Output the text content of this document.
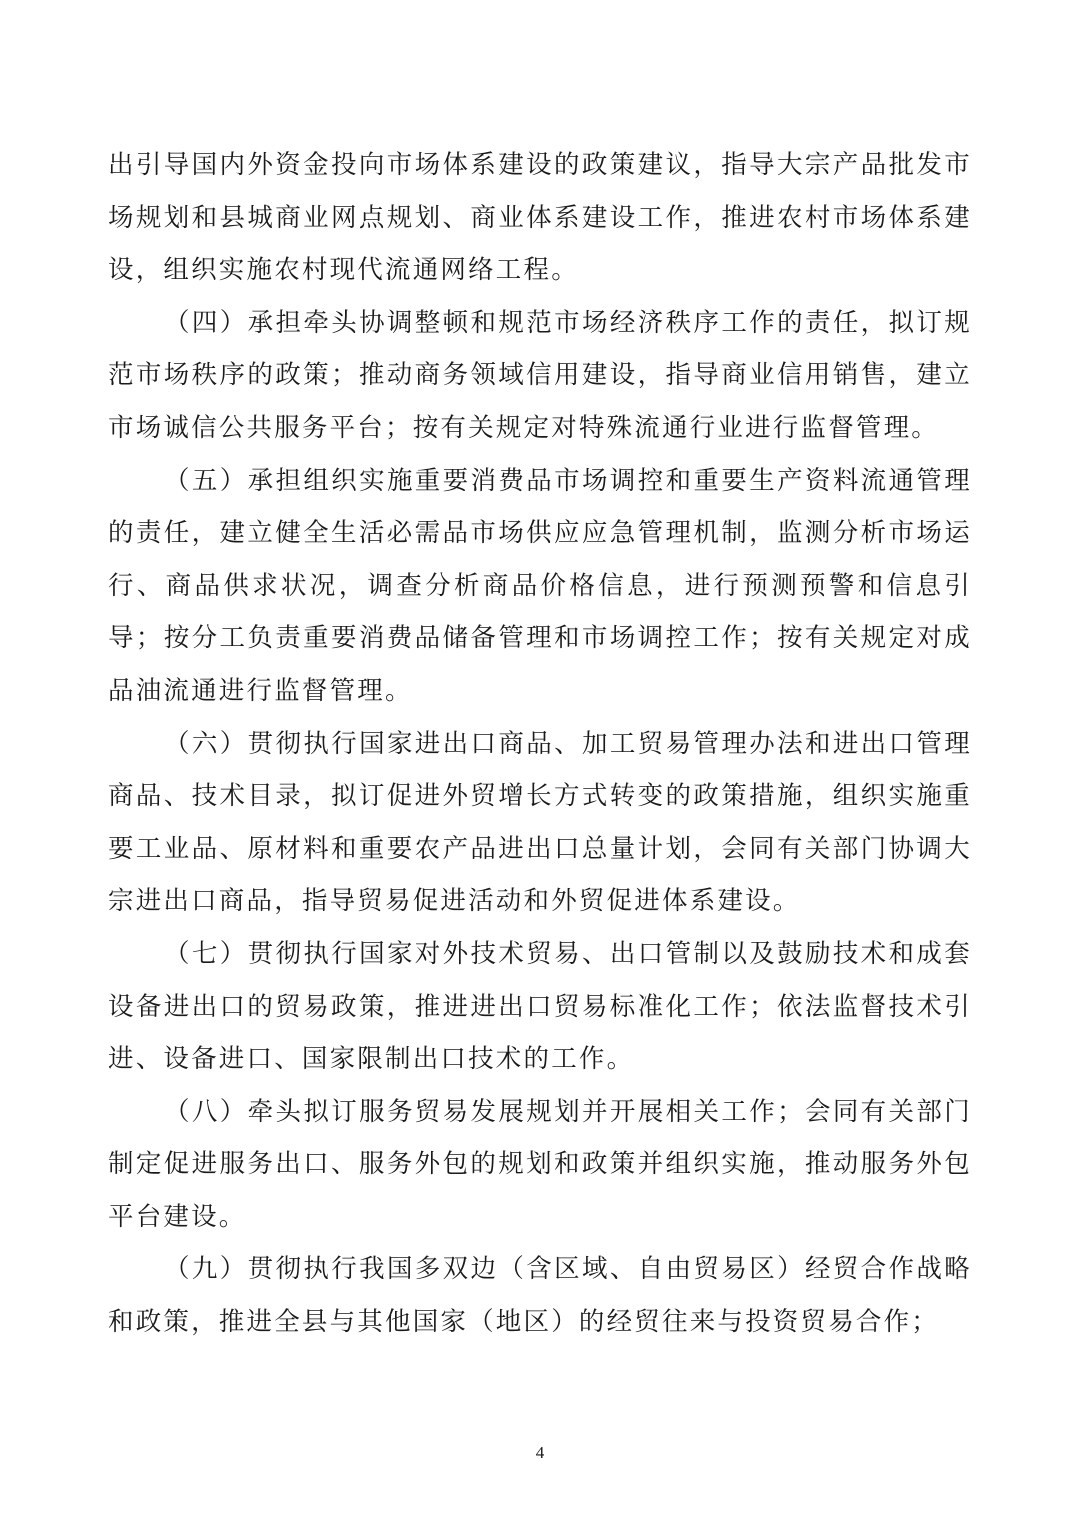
出引导国内外资金投向市场体系建设的政策建议，指导大宗产品批发市场规划和县城商业网点规划、商业体系建设工作，推进农村市场体系建设，组织实施农村现代流通网络工程。

（四）承担牵头协调整顿和规范市场经济秩序工作的责任，拟订规范市场秩序的政策；推动商务领域信用建设，指导商业信用销售，建立市场诚信公共服务平台；按有关规定对特殊流通行业进行监督管理。

（五）承担组织实施重要消费品市场调控和重要生产资料流通管理的责任，建立健全生活必需品市场供应应急管理机制，监测分析市场运行、商品供求状况，调查分析商品价格信息，进行预测预警和信息引导；按分工负责重要消费品储备管理和市场调控工作；按有关规定对成品油流通进行监督管理。

（六）贯彻执行国家进出口商品、加工贸易管理办法和进出口管理商品、技术目录，拟订促进外贸增长方式转变的政策措施，组织实施重要工业品、原材料和重要农产品进出口总量计划，会同有关部门协调大宗进出口商品，指导贸易促进活动和外贸促进体系建设。

（七）贯彻执行国家对外技术贸易、出口管制以及鼓励技术和成套设备进出口的贸易政策，推进进出口贸易标准化工作；依法监督技术引进、设备进口、国家限制出口技术的工作。

（八）牵头拟订服务贸易发展规划并开展相关工作；会同有关部门制定促进服务出口、服务外包的规划和政策并组织实施，推动服务外包平台建设。

（九）贯彻执行我国多双边（含区域、自由贸易区）经贸合作战略和政策，推进全县与其他国家（地区）的经贸往来与投资贸易合作；

4
